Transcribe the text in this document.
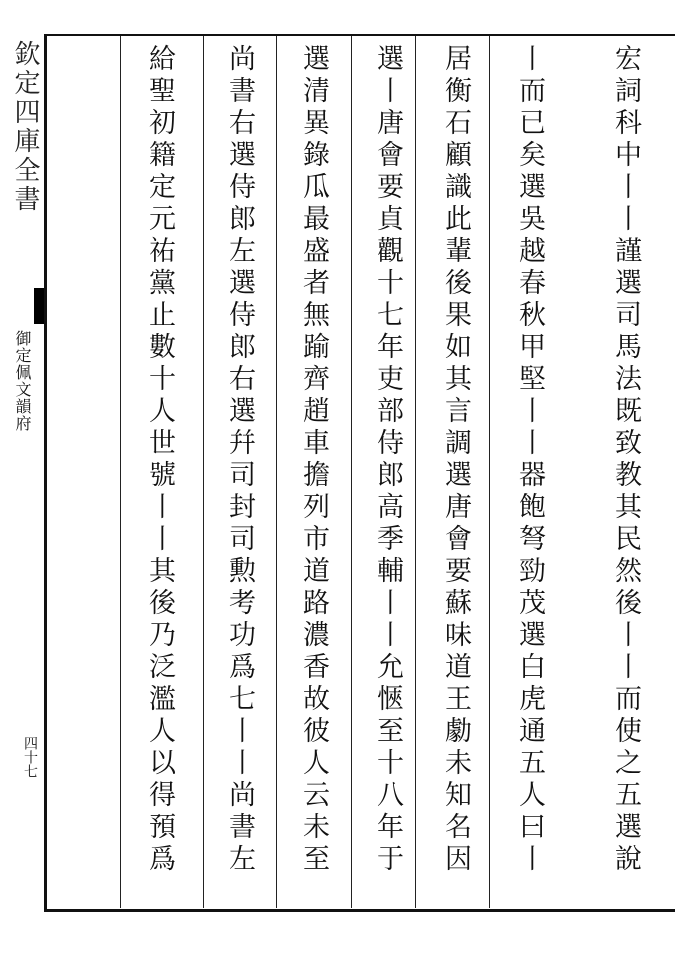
欽定四庫全書
御定佩文韻府
四十七
宏詞科中丨丨謹選司馬法既致教其民然後丨丨而使之五選說
丨而已矣選吳越春秋甲堅丨丨器飽弩勁茂選白虎通五人曰丨
居衡石顧識此輩後果如其言調選唐會要蘇味道王勮未知名因
選丨唐會要貞觀十七年吏部侍郎高季輔丨丨允愜至十八年于
選清異錄瓜最盛者無踰齊趙車擔列市道路濃香故彼人云未至
尚書右選侍郎左選侍郎右選幷司封司勲考功爲七丨丨尚書左
給聖初籍定元祐黨止數十人世號丨丨其後乃泛濫人以得預爲
